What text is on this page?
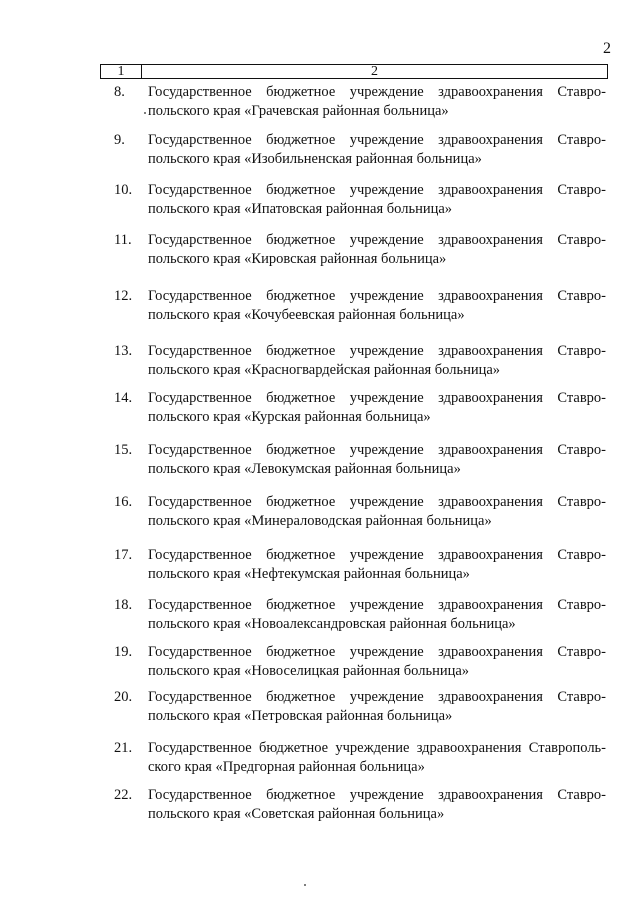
2
1	2
8. Государственное бюджетное учреждение здравоохранения Ставро-
польского края «Грачевская районная больница»
9. Государственное бюджетное учреждение здравоохранения Ставро-
польского края «Изобильненская районная больница»
10. Государственное бюджетное учреждение здравоохранения Ставро-
польского края «Ипатовская районная больница»
11. Государственное бюджетное учреждение здравоохранения Ставро-
польского края «Кировская районная больница»
12. Государственное бюджетное учреждение здравоохранения Ставро-
польского края «Кочубеевская районная больница»
13. Государственное бюджетное учреждение здравоохранения Ставро-
польского края «Красногвардейская районная больница»
14. Государственное бюджетное учреждение здравоохранения Ставро-
польского края «Курская районная больница»
15. Государственное бюджетное учреждение здравоохранения Ставро-
польского края «Левокумская районная больница»
16. Государственное бюджетное учреждение здравоохранения Ставро-
польского края «Минераловодская районная больница»
17. Государственное бюджетное учреждение здравоохранения Ставро-
польского края «Нефтекумская районная больница»
18. Государственное бюджетное учреждение здравоохранения Ставро-
польского края «Новоалександровская районная больница»
19. Государственное бюджетное учреждение здравоохранения Ставро-
польского края «Новоселицкая районная больница»
20. Государственное бюджетное учреждение здравоохранения Ставро-
польского края «Петровская районная больница»
21. Государственное бюджетное учреждение здравоохранения Ставрополь-
ского края «Предгорная районная больница»
22. Государственное бюджетное учреждение здравоохранения Ставро-
польского края «Советская районная больница»
